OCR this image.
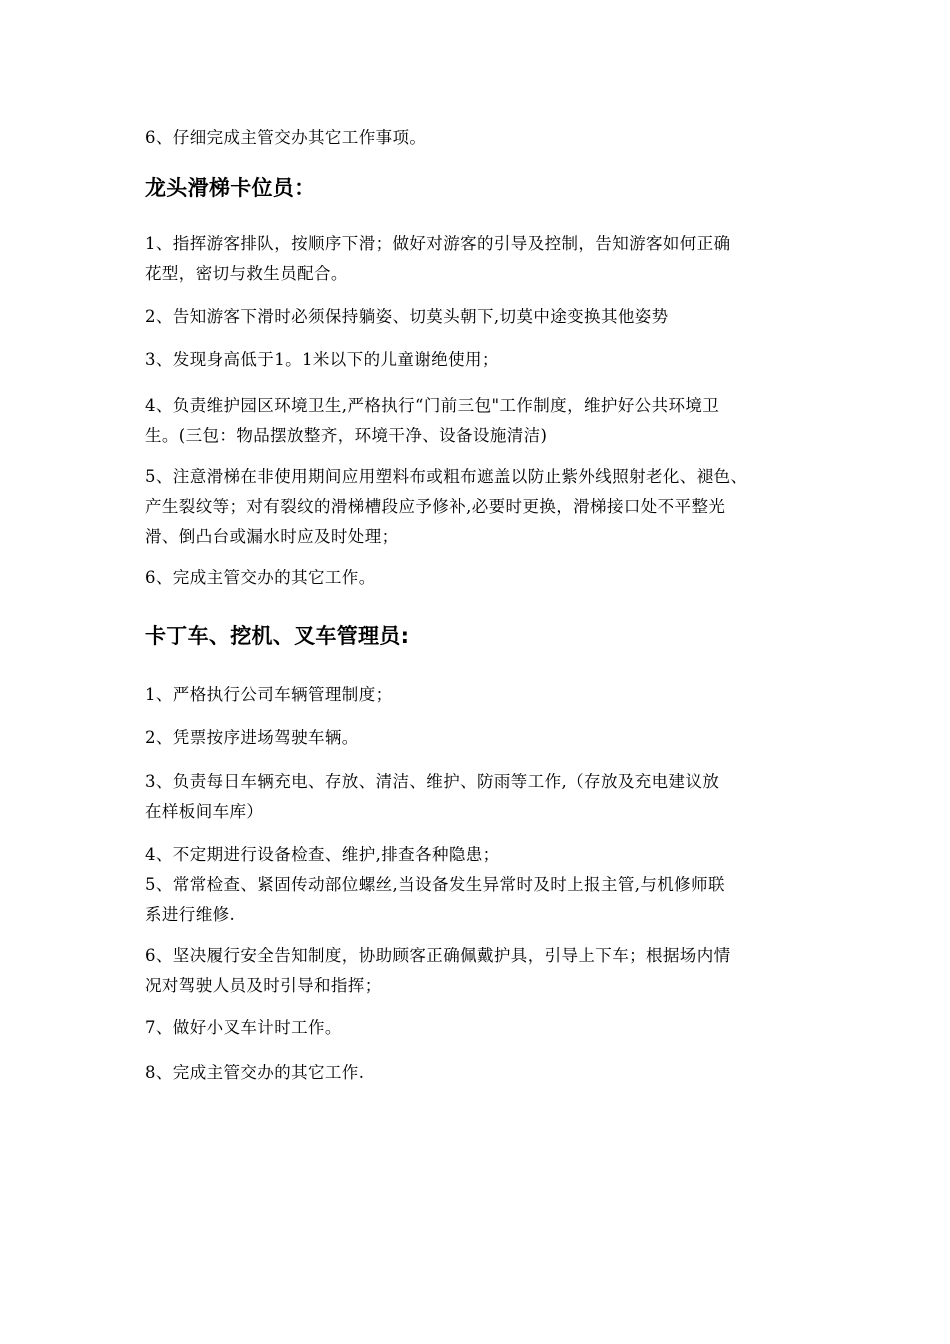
6、仔细完成主管交办其它工作事项。

龙头滑梯卡位员：

1、指挥游客排队，按顺序下滑；做好对游客的引导及控制，告知游客如何正确
花型，密切与救生员配合。

2、告知游客下滑时必须保持躺姿、切莫头朝下,切莫中途变换其他姿势

3、发现身高低于1。1米以下的儿童谢绝使用；

4、负责维护园区环境卫生,严格执行“门前三包"工作制度，维护好公共环境卫
生。(三包：物品摆放整齐，环境干净、设备设施清洁)

5、注意滑梯在非使用期间应用塑料布或粗布遮盖以防止紫外线照射老化、褪色、
产生裂纹等；对有裂纹的滑梯槽段应予修补,必要时更换，滑梯接口处不平整光
滑、倒凸台或漏水时应及时处理；

6、完成主管交办的其它工作。

卡丁车、挖机、叉车管理员:

1、严格执行公司车辆管理制度；

2、凭票按序进场驾驶车辆。

3、负责每日车辆充电、存放、清洁、维护、防雨等工作,（存放及充电建议放
在样板间车库）

4、不定期进行设备检查、维护,排查各种隐患；

5、常常检查、紧固传动部位螺丝,当设备发生异常时及时上报主管,与机修师联
系进行维修.

6、坚决履行安全告知制度，协助顾客正确佩戴护具，引导上下车；根据场内情
况对驾驶人员及时引导和指挥；

7、做好小叉车计时工作。

8、完成主管交办的其它工作.
